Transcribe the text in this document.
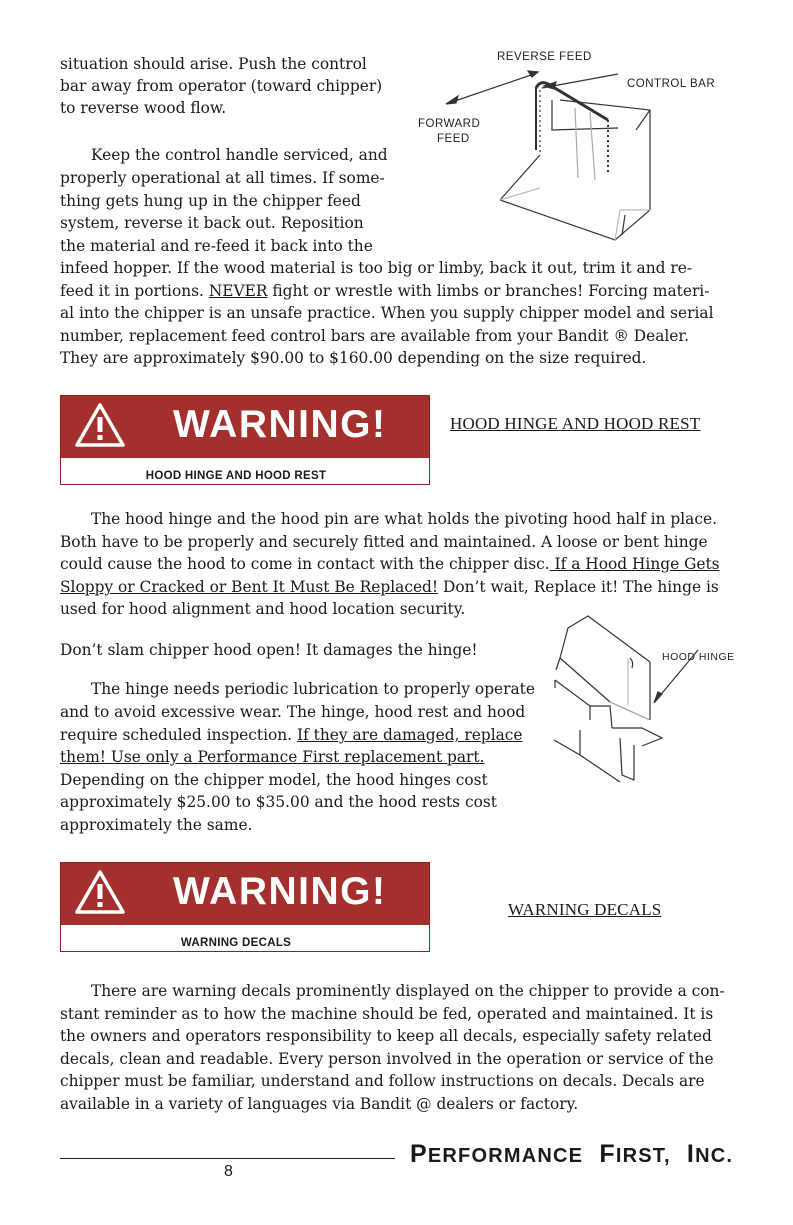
situation should arise. Push the control

bar away from operator (toward chipper)

to reverse wood flow.

Keep the control handle serviced, and

properly operational at all times. If some-

thing gets hung up in the chipper feed

system, reverse it back out. Reposition

the material and re-feed it back into the

infeed hopper. If the wood material is too big or limby, back it out, trim it and re-

feed it in portions. NEVER fight or wrestle with limbs or branches! Forcing materi-

al into the chipper is an unsafe practice. When you supply chipper model and serial

number, replacement feed control bars are available from your Bandit ® Dealer.

They are approximately $90.00 to $160.00 depending on the size required.

REVERSE FEED
CONTROL BAR
FORWARD
FEED
WARNING!
HOOD HINGE AND HOOD REST
HOOD HINGE AND HOOD REST

The hood hinge and the hood pin are what holds the pivoting hood half in place.

Both have to be properly and securely fitted and maintained. A loose or bent hinge

could cause the hood to come in contact with the chipper disc. If a Hood Hinge Gets

Sloppy or Cracked or Bent It Must Be Replaced! Don’t wait, Replace it! The hinge is

used for hood alignment and hood location security.

Don’t slam chipper hood open! It damages the hinge!

The hinge needs periodic lubrication to properly operate

and to avoid excessive wear. The hinge, hood rest and hood

require scheduled inspection. If they are damaged, replace

them! Use only a Performance First replacement part.

Depending on the chipper model, the hood hinges cost

approximately $25.00 to $35.00 and the hood rests cost

approximately the same.

HOOD HINGE
WARNING!
WARNING DECALS
WARNING DECALS

There are warning decals prominently displayed on the chipper to provide a con-

stant reminder as to how the machine should be fed, operated and maintained. It is

the owners and operators responsibility to keep all decals, especially safety related

decals, clean and readable. Every person involved in the operation or service of the

chipper must be familiar, understand and follow instructions on decals. Decals are

available in a variety of languages via Bandit @ dealers or factory.

8
PERFORMANCE FIRST, INC.
